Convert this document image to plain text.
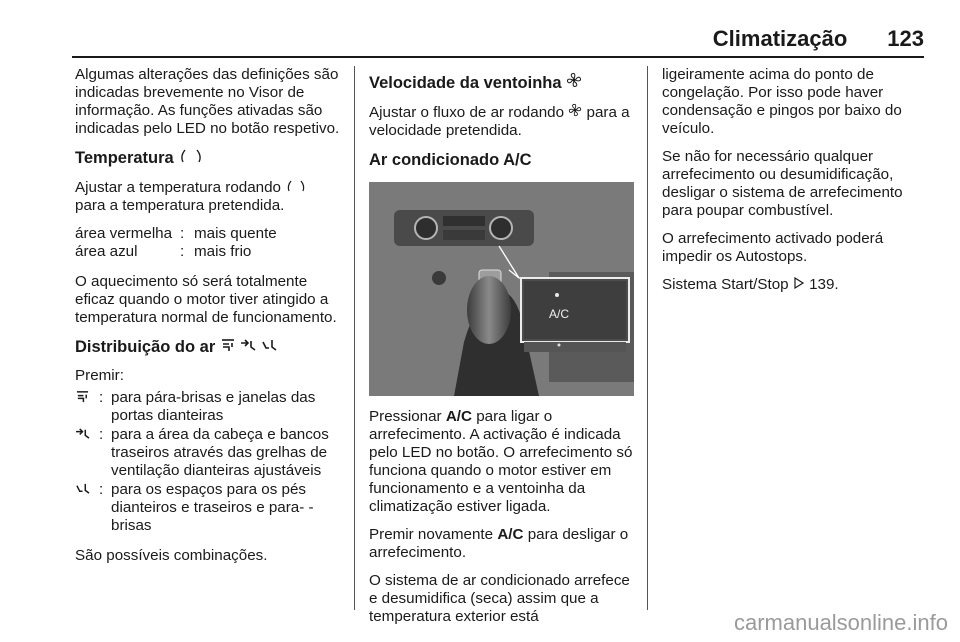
Climatização 123

Algumas alterações das definições são indicadas brevemente no Visor de informação. As funções ativadas são indicadas pelo LED no botão respetivo.

Temperatura

Ajustar a temperatura rodando  para a temperatura pretendida.

área vermelha	:	mais quente
área azul	:	mais frio

O aquecimento só será totalmente eficaz quando o motor tiver atingido a temperatura normal de funcionamento.

Distribuição do ar

Premir:

: para pára-brisas e janelas das portas dianteiras
: para a área da cabeça e bancos traseiros através das grelhas de ventilação dianteiras ajustáveis
: para os espaços para os pés dianteiros e traseiros e para- -brisas

São possíveis combinações.

Velocidade da ventoinha

Ajustar o fluxo de ar rodando para a velocidade pretendida.

Ar condicionado A/C
A/C

Pressionar A/C para ligar o arrefecimento. A activação é indicada pelo LED no botão. O arrefecimento só funciona quando o motor estiver em funcionamento e a ventoinha da climatização estiver ligada.

Premir novamente A/C para desligar o arrefecimento.

O sistema de ar condicionado arrefece e desumidifica (seca) assim que a temperatura exterior está

ligeiramente acima do ponto de congelação. Por isso pode haver condensação e pingos por baixo do veículo.

Se não for necessário qualquer arrefecimento ou desumidificação, desligar o sistema de arrefecimento para poupar combustível.

O arrefecimento activado poderá impedir os Autostops.

Sistema Start/Stop 139.

carmanualsonline.info
